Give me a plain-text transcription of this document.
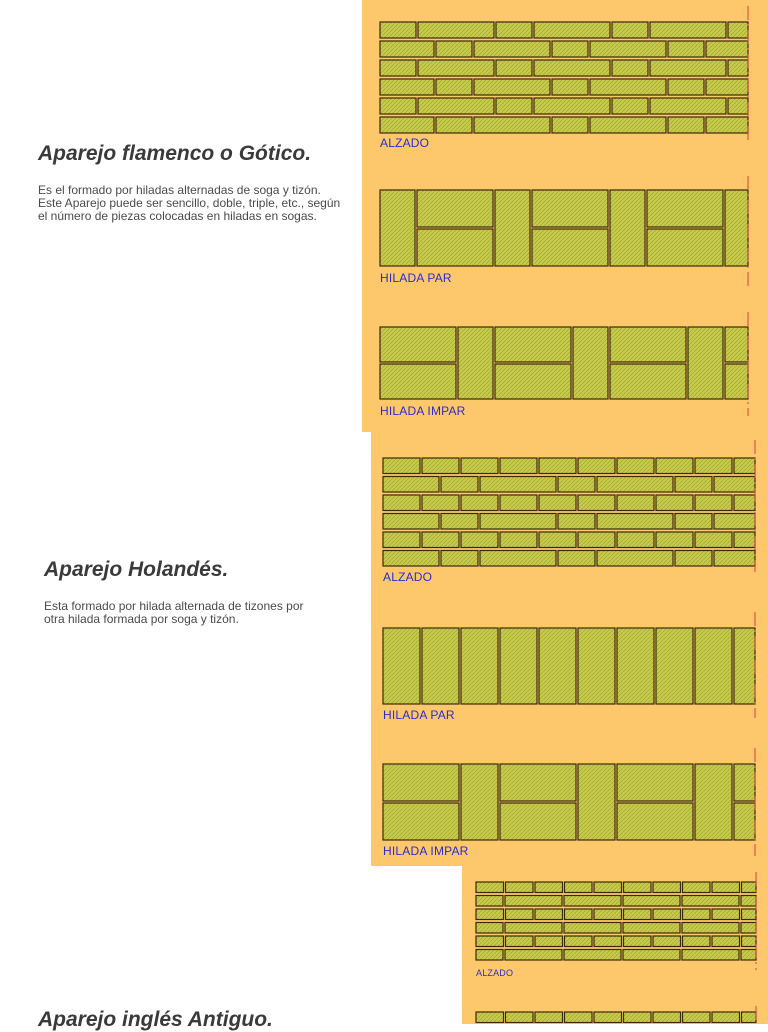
Aparejo flamenco o Gótico.

Es el formado por hiladas alternadas de soga y tizón.

Este Aparejo puede ser sencillo, doble, triple, etc., según el número de piezas colocadas en hiladas en sogas.

ALZADO
HILADA PAR
HILADA IMPAR
Aparejo Holandés.

Esta formado por hilada alternada de tizones por otra hilada formada por soga y tizón.

ALZADO
HILADA PAR
HILADA IMPAR
Aparejo inglés Antiguo.
ALZADO
